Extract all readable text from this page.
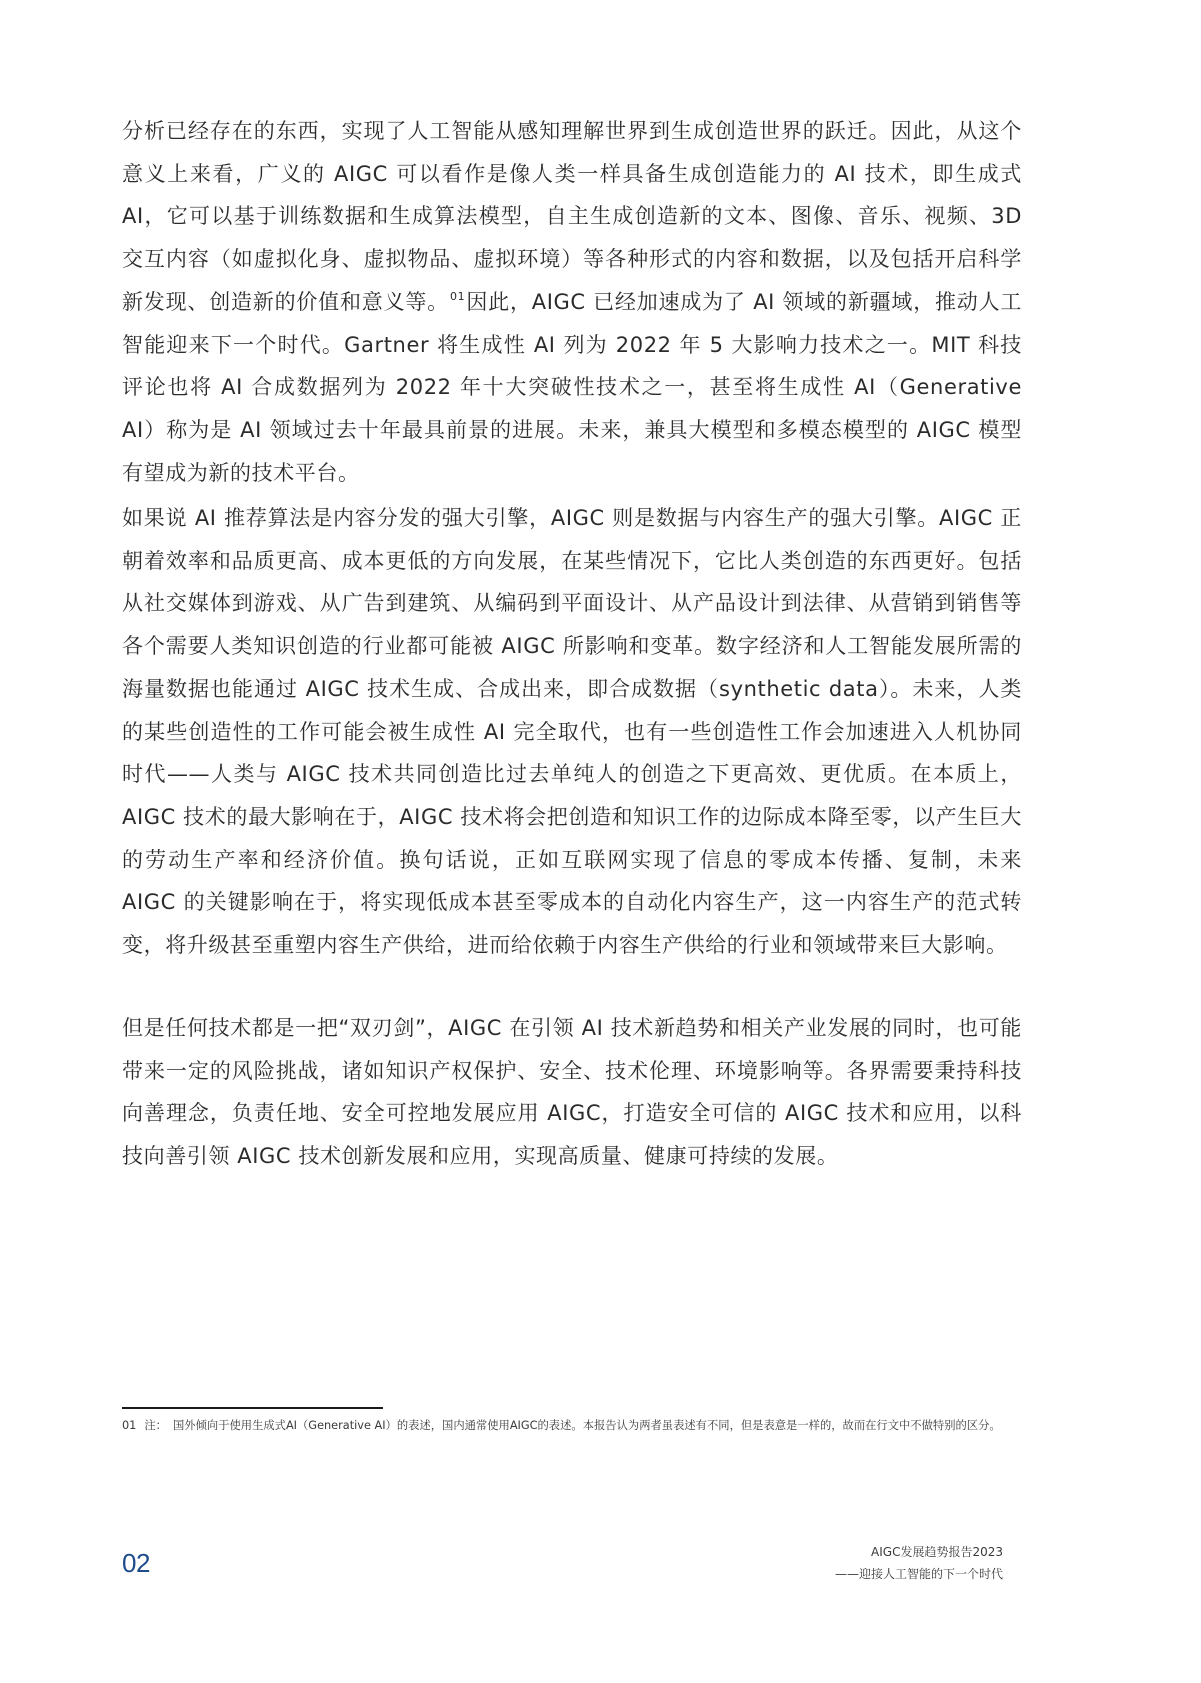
分析已经存在的东西，实现了人工智能从感知理解世界到生成创造世界的跃迁。因此，从这个意义上来看，广义的 AIGC 可以看作是像人类一样具备生成创造能力的 AI 技术，即生成式 AI，它可以基于训练数据和生成算法模型，自主生成创造新的文本、图像、音乐、视频、3D 交互内容（如虚拟化身、虚拟物品、虚拟环境）等各种形式的内容和数据，以及包括开启科学新发现、创造新的价值和意义等。$^{01}$因此，AIGC 已经加速成为了 AI 领域的新疆域，推动人工智能迎来下一个时代。Gartner 将生成性 AI 列为 2022 年 5 大影响力技术之一。MIT 科技评论也将 AI 合成数据列为 2022 年十大突破性技术之一，甚至将生成性 AI（Generative AI）称为是 AI 领域过去十年最具前景的进展。未来，兼具大模型和多模态模型的 AIGC 模型有望成为新的技术平台。

如果说 AI 推荐算法是内容分发的强大引擎，AIGC 则是数据与内容生产的强大引擎。AIGC 正朝着效率和品质更高、成本更低的方向发展，在某些情况下，它比人类创造的东西更好。包括从社交媒体到游戏、从广告到建筑、从编码到平面设计、从产品设计到法律、从营销到销售等各个需要人类知识创造的行业都可能被 AIGC 所影响和变革。数字经济和人工智能发展所需的海量数据也能通过 AIGC 技术生成、合成出来，即合成数据（synthetic data）。未来，人类的某些创造性的工作可能会被生成性 AI 完全取代，也有一些创造性工作会加速进入人机协同时代——人类与 AIGC 技术共同创造比过去单纯人的创造之下更高效、更优质。在本质上，AIGC 技术的最大影响在于，AIGC 技术将会把创造和知识工作的边际成本降至零，以产生巨大的劳动生产率和经济价值。换句话说，正如互联网实现了信息的零成本传播、复制，未来 AIGC 的关键影响在于，将实现低成本甚至零成本的自动化内容生产，这一内容生产的范式转变，将升级甚至重塑内容生产供给，进而给依赖于内容生产供给的行业和领域带来巨大影响。

但是任何技术都是一把“双刃剑”，AIGC 在引领 AI 技术新趋势和相关产业发展的同时，也可能带来一定的风险挑战，诸如知识产权保护、安全、技术伦理、环境影响等。各界需要秉持科技向善理念，负责任地、安全可控地发展应用 AIGC，打造安全可信的 AIGC 技术和应用，以科技向善引领 AIGC 技术创新发展和应用，实现高质量、健康可持续的发展。

01 注： 国外倾向于使用生成式AI（Generative AI）的表述，国内通常使用AIGC的表述。本报告认为两者虽表述有不同，但是表意是一样的，故而在行文中不做特别的区分。

02	AIGC发展趋势报告2023
——迎接人工智能的下一个时代
